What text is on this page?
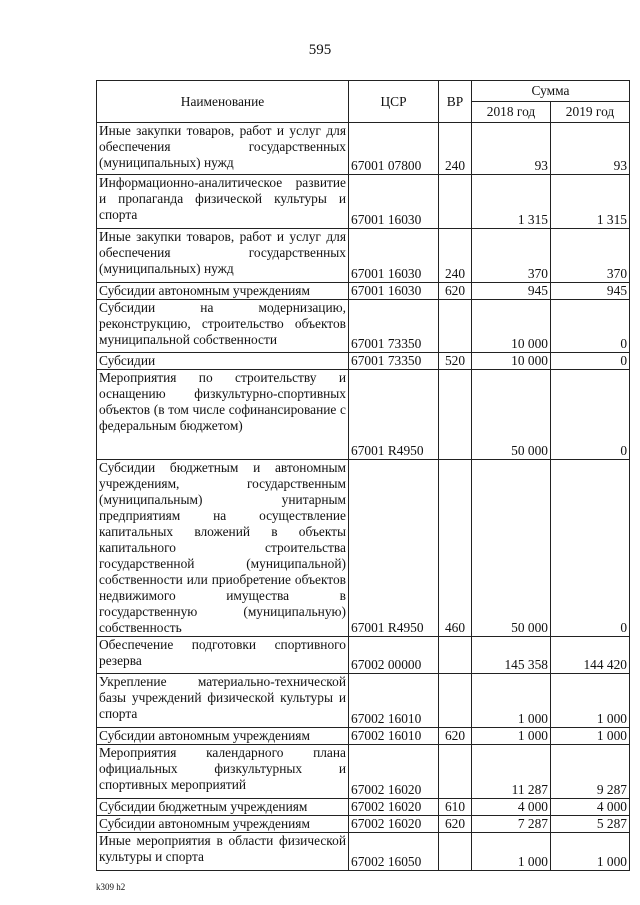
595
Наименование	ЦСР	ВР	Сумма	
			2018 год	2019 год
Иные закупки товаров, работ и услуг для обеспечения государственных (муниципальных) нужд	67001 07800	240	93	93
Информационно-аналитическое развитие и пропаганда физической культуры и спорта	67001 16030		1 315	1 315
Иные закупки товаров, работ и услуг для обеспечения государственных (муниципальных) нужд	67001 16030	240	370	370
Субсидии автономным учреждениям	67001 16030	620	945	945
Субсидии на модернизацию, реконструкцию, строительство объектов муниципальной собственности	67001 73350		10 000	0
Субсидии	67001 73350	520	10 000	0
Мероприятия по строительству и оснащению физкультурно-спортивных объектов (в том числе софинансирование с федеральным бюджетом)	67001 R4950		50 000	0
Субсидии бюджетным и автономным учреждениям, государственным (муниципальным) унитарным предприятиям на осуществление капитальных вложений в объекты капитального строительства государственной (муниципальной) собственности или приобретение объектов недвижимого имущества в государственную (муниципальную) собственность	67001 R4950	460	50 000	0
Обеспечение подготовки спортивного резерва	67002 00000		145 358	144 420
Укрепление материально-технической базы учреждений физической культуры и спорта	67002 16010		1 000	1 000
Субсидии автономным учреждениям	67002 16010	620	1 000	1 000
Мероприятия календарного плана официальных физкультурных и спортивных мероприятий	67002 16020		11 287	9 287
Субсидии бюджетным учреждениям	67002 16020	610	4 000	4 000
Субсидии автономным учреждениям	67002 16020	620	7 287	5 287
Иные мероприятия в области физической культуры и спорта	67002 16050		1 000	1 000
k309 h2
